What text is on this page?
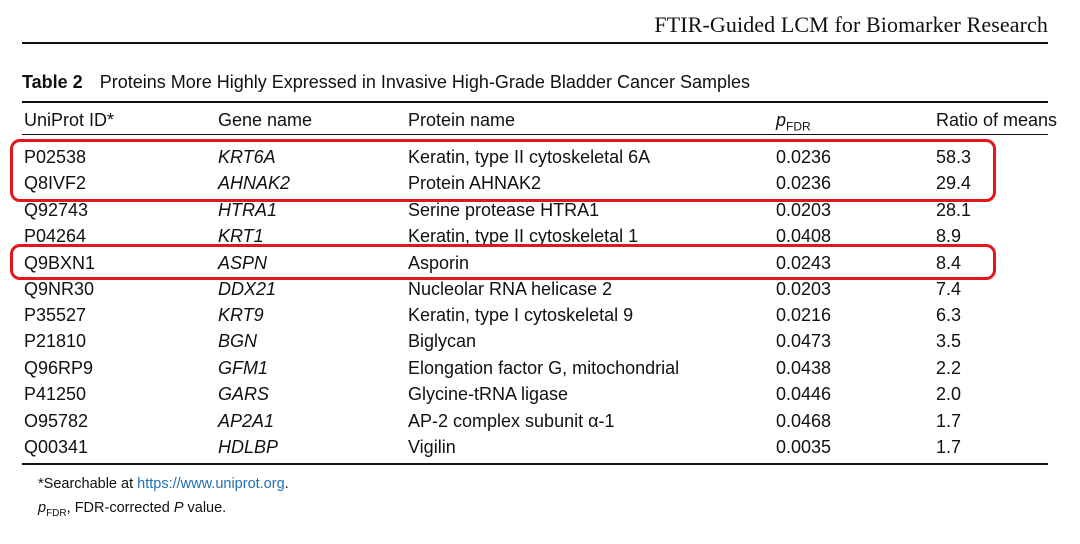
FTIR-Guided LCM for Biomarker Research
Table 2 Proteins More Highly Expressed in Invasive High-Grade Bladder Cancer Samples
UniProt ID*	Gene name	Protein name	$p_{FDR}$	Ratio of means
P02538	KRT6A	Keratin, type II cytoskeletal 6A	0.0236	58.3
Q8IVF2	AHNAK2	Protein AHNAK2	0.0236	29.4
Q92743	HTRA1	Serine protease HTRA1	0.0203	28.1
P04264	KRT1	Keratin, type II cytoskeletal 1	0.0408	8.9
Q9BXN1	ASPN	Asporin	0.0243	8.4
Q9NR30	DDX21	Nucleolar RNA helicase 2	0.0203	7.4
P35527	KRT9	Keratin, type I cytoskeletal 9	0.0216	6.3
P21810	BGN	Biglycan	0.0473	3.5
Q96RP9	GFM1	Elongation factor G, mitochondrial	0.0438	2.2
P41250	GARS	Glycine-tRNA ligase	0.0446	2.0
O95782	AP2A1	AP-2 complex subunit α-1	0.0468	1.7
Q00341	HDLBP	Vigilin	0.0035	1.7
*Searchable at https://www.uniprot.org.
$p_{FDR}$, FDR-corrected P value.
